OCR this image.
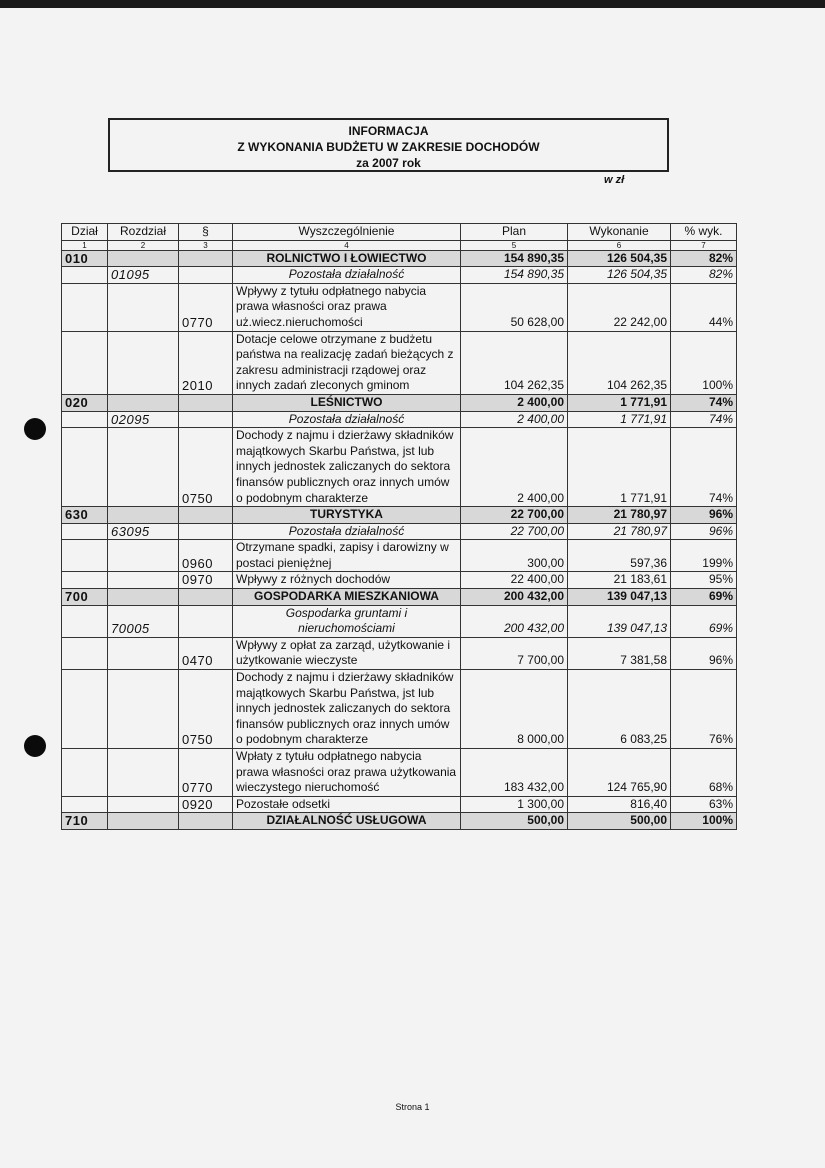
INFORMACJA
Z WYKONANIA BUDŻETU W ZAKRESIE DOCHODÓW
za 2007 rok
w zł
Dział	Rozdział	§	Wyszczególnienie	Plan	Wykonanie	% wyk.
1	2	3	4	5	6	7
010			ROLNICTWO I ŁOWIECTWO	154 890,35	126 504,35	82%
	01095		Pozostała działalność	154 890,35	126 504,35	82%
		0770	Wpływy z tytułu odpłatnego nabycia prawa własności oraz prawa uż.wiecz.nieruchomości	50 628,00	22 242,00	44%
		2010	Dotacje celowe otrzymane z budżetu państwa na realizację zadań bieżących z zakresu administracji rządowej oraz innych zadań zleconych gminom	104 262,35	104 262,35	100%
020			LEŚNICTWO	2 400,00	1 771,91	74%
	02095		Pozostała działalność	2 400,00	1 771,91	74%
		0750	Dochody z najmu i dzierżawy składników majątkowych Skarbu Państwa, jst lub innych jednostek zaliczanych do sektora finansów publicznych oraz innych umów o podobnym charakterze	2 400,00	1 771,91	74%
630			TURYSTYKA	22 700,00	21 780,97	96%
	63095		Pozostała działalność	22 700,00	21 780,97	96%
		0960	Otrzymane spadki, zapisy i darowizny w postaci pieniężnej	300,00	597,36	199%
		0970	Wpływy z różnych dochodów	22 400,00	21 183,61	95%
700			GOSPODARKA MIESZKANIOWA	200 432,00	139 047,13	69%
	70005		Gospodarka gruntami i nieruchomościami	200 432,00	139 047,13	69%
		0470	Wpływy z opłat za zarząd, użytkowanie i użytkowanie wieczyste	7 700,00	7 381,58	96%
		0750	Dochody z najmu i dzierżawy składników majątkowych Skarbu Państwa, jst lub innych jednostek zaliczanych do sektora finansów publicznych oraz innych umów o podobnym charakterze	8 000,00	6 083,25	76%
		0770	Wpłaty z tytułu odpłatnego nabycia prawa własności oraz prawa użytkowania wieczystego nieruchomość	183 432,00	124 765,90	68%
		0920	Pozostałe odsetki	1 300,00	816,40	63%
710			DZIAŁALNOŚĆ USŁUGOWA	500,00	500,00	100%
Strona 1
